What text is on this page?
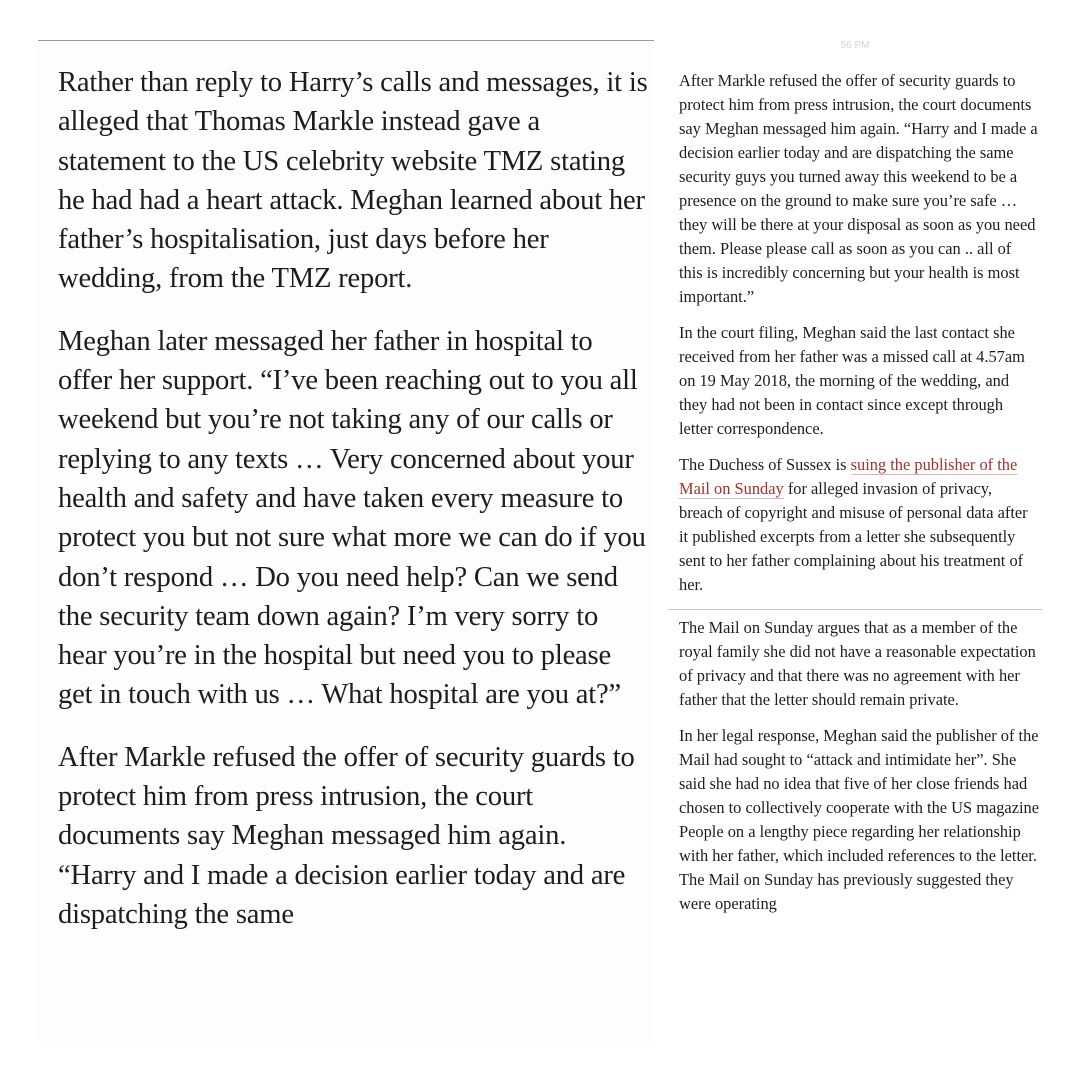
Rather than reply to Harry’s calls and messages, it is alleged that Thomas Markle instead gave a statement to the US celebrity website TMZ stating he had had a heart attack. Meghan learned about her father’s hospitalisation, just days before her wedding, from the TMZ report.

Meghan later messaged her father in hospital to offer her support. “I’ve been reaching out to you all weekend but you’re not taking any of our calls or replying to any texts … Very concerned about your health and safety and have taken every measure to protect you but not sure what more we can do if you don’t respond … Do you need help? Can we send the security team down again? I’m very sorry to hear you’re in the hospital but need you to please get in touch with us … What hospital are you at?”

After Markle refused the offer of security guards to protect him from press intrusion, the court documents say Meghan messaged him again. “Harry and I made a decision earlier today and are dispatching the same

56 PM

After Markle refused the offer of security guards to protect him from press intrusion, the court documents say Meghan messaged him again. “Harry and I made a decision earlier today and are dispatching the same security guys you turned away this weekend to be a presence on the ground to make sure you’re safe … they will be there at your disposal as soon as you need them. Please please call as soon as you can .. all of this is incredibly concerning but your health is most important.”

In the court filing, Meghan said the last contact she received from her father was a missed call at 4.57am on 19 May 2018, the morning of the wedding, and they had not been in contact since except through letter correspondence.

The Duchess of Sussex is suing the publisher of the Mail on Sunday for alleged invasion of privacy, breach of copyright and misuse of personal data after it published excerpts from a letter she subsequently sent to her father complaining about his treatment of her.

The Mail on Sunday argues that as a member of the royal family she did not have a reasonable expectation of privacy and that there was no agreement with her father that the letter should remain private.

In her legal response, Meghan said the publisher of the Mail had sought to “attack and intimidate her”. She said she had no idea that five of her close friends had chosen to collectively cooperate with the US magazine People on a lengthy piece regarding her relationship with her father, which included references to the letter. The Mail on Sunday has previously suggested they were operating
